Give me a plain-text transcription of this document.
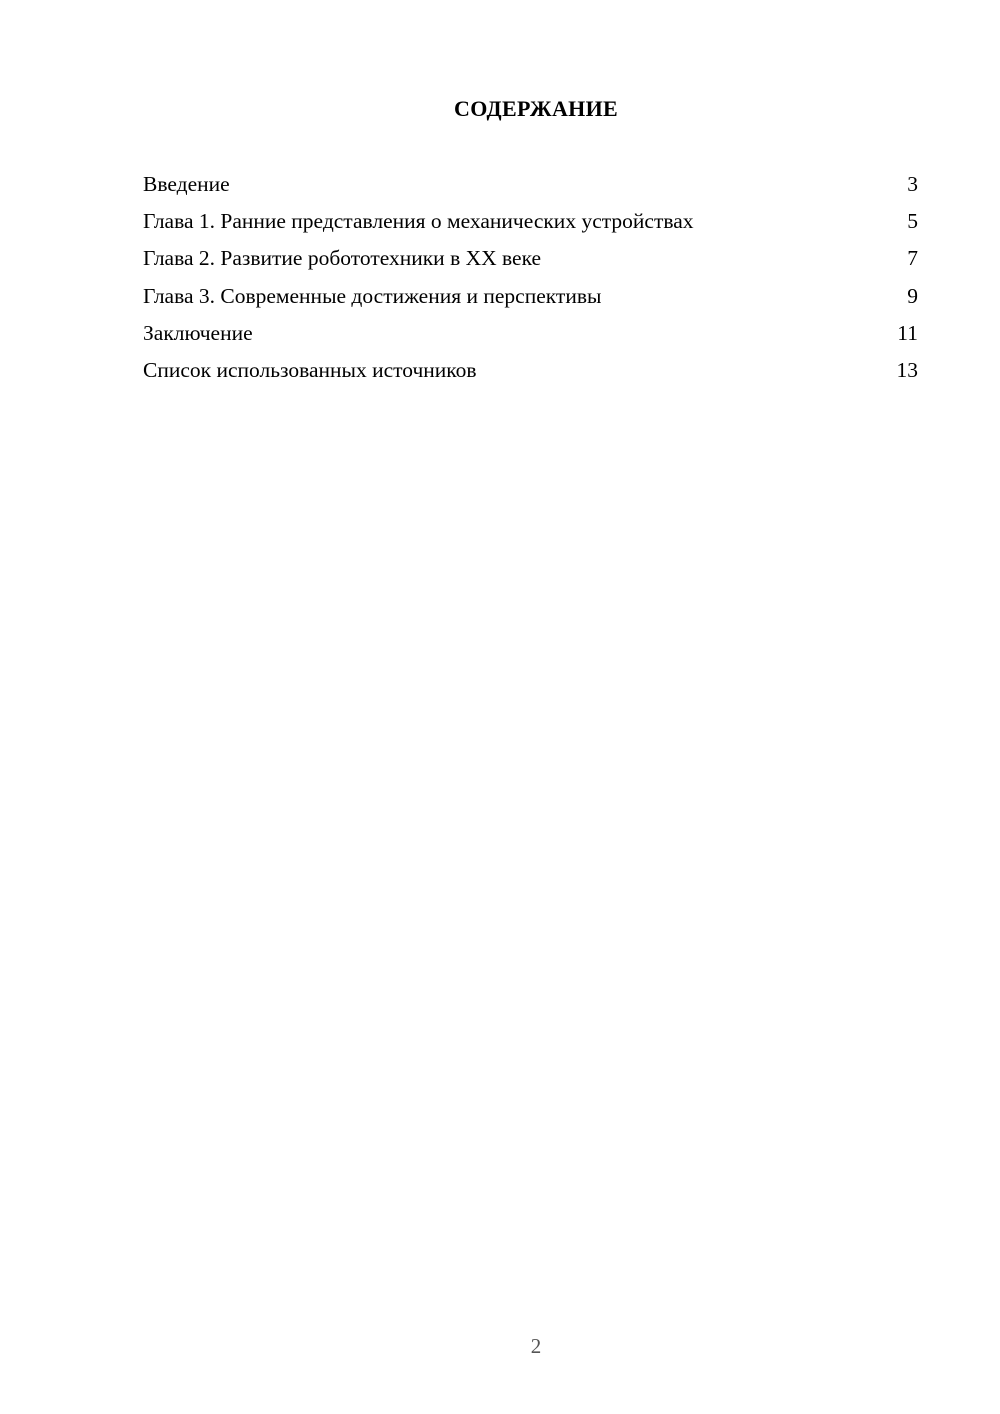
СОДЕРЖАНИЕ
Введение	3
Глава 1. Ранние представления о механических устройствах	5
Глава 2. Развитие робототехники в XX веке	7
Глава 3. Современные достижения и перспективы	9
Заключение	11
Список использованных источников	13
2
